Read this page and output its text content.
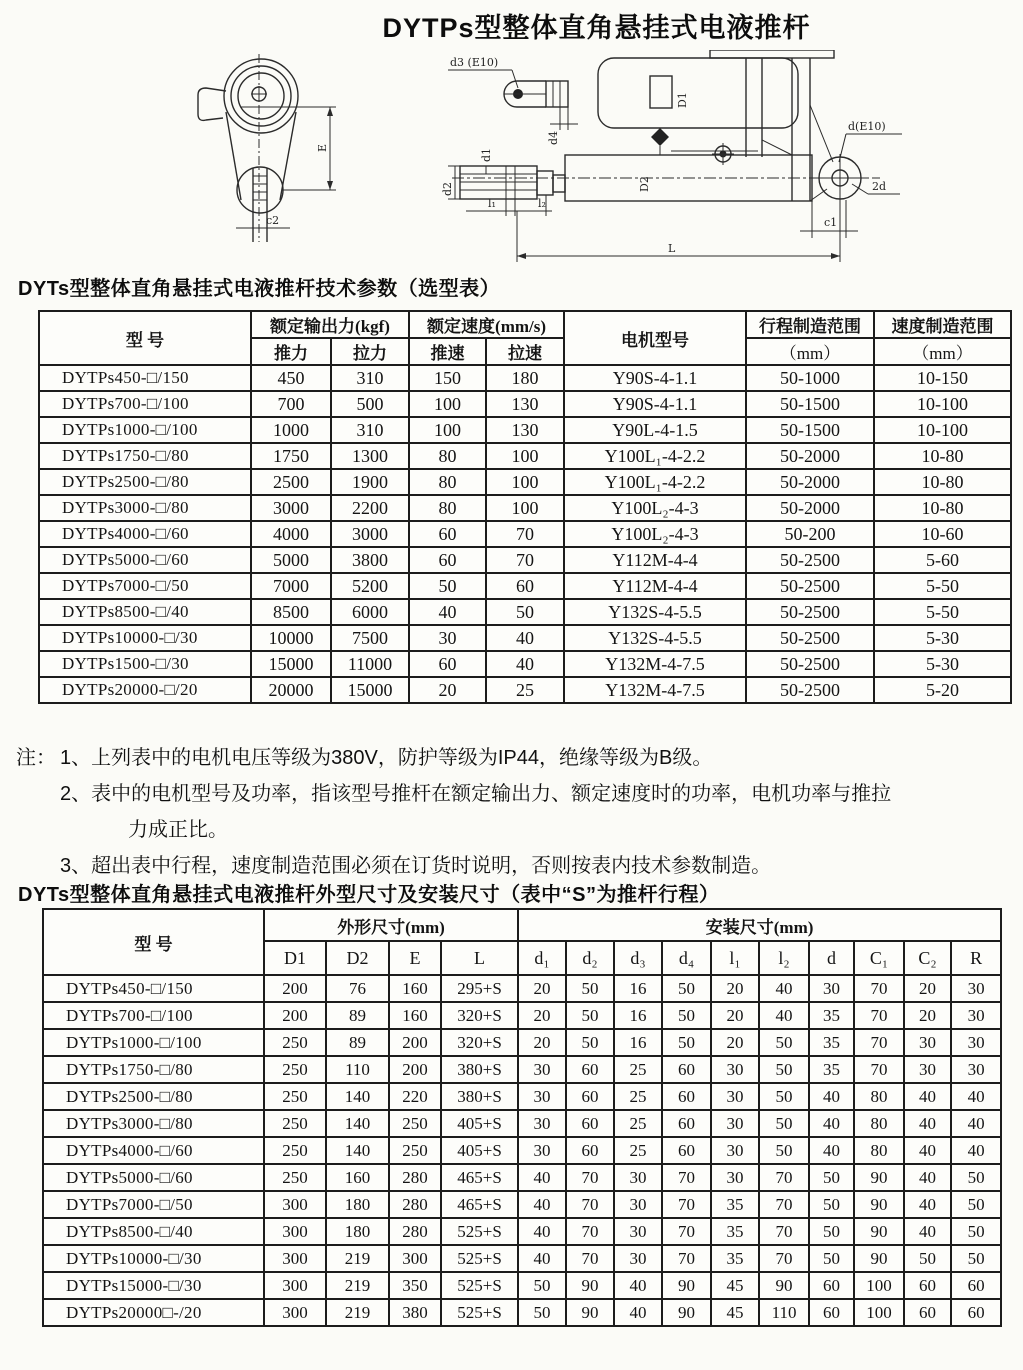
DYTPs型整体直角悬挂式电液推杆
E
c2
d3 (E10)
d4
D1
D2
d(E10)
2d
c1
d1
d2
l₁	l₂
L
DYTs型整体直角悬挂式电液推杆技术参数（选型表）
型 号	额定输出力(kgf)		额定速度(mm/s)		电机型号	行程制造范围	速度制造范围
	推力	拉力	推速	拉速		（mm）	（mm）
DYTPs450-□/150	450	310	150	180	Y90S-4-1.1	50-1000	10-150
DYTPs700-□/100	700	500	100	130	Y90S-4-1.1	50-1500	10-100
DYTPs1000-□/100	1000	310	100	130	Y90L-4-1.5	50-1500	10-100
DYTPs1750-□/80	1750	1300	80	100	Y100L₁-4-2.2	50-2000	10-80
DYTPs2500-□/80	2500	1900	80	100	Y100L₁-4-2.2	50-2000	10-80
DYTPs3000-□/80	3000	2200	80	100	Y100L₂-4-3	50-2000	10-80
DYTPs4000-□/60	4000	3000	60	70	Y100L₂-4-3	50-200	10-60
DYTPs5000-□/60	5000	3800	60	70	Y112M-4-4	50-2500	5-60
DYTPs7000-□/50	7000	5200	50	60	Y112M-4-4	50-2500	5-50
DYTPs8500-□/40	8500	6000	40	50	Y132S-4-5.5	50-2500	5-50
DYTPs10000-□/30	10000	7500	30	40	Y132S-4-5.5	50-2500	5-30
DYTPs1500-□/30	15000	11000	60	40	Y132M-4-7.5	50-2500	5-30
DYTPs20000-□/20	20000	15000	20	25	Y132M-4-7.5	50-2500	5-20
注： 1、上列表中的电机电压等级为380V，防护等级为IP44，绝缘等级为B级。
2、表中的电机型号及功率，指该型号推杆在额定输出力、额定速度时的功率，电机功率与推拉
力成正比。
3、超出表中行程，速度制造范围必须在订货时说明，否则按表内技术参数制造。
DYTs型整体直角悬挂式电液推杆外型尺寸及安装尺寸（表中“S”为推杆行程）
型 号	外形尺寸(mm)				安装尺寸(mm)									
	D1	D2	E	L	d₁	d₂	d₃	d₄	l₁	l₂	d	C₁	C₂	R
DYTPs450-□/150	200	76	160	295+S	20	50	16	50	20	40	30	70	20	30
DYTPs700-□/100	200	89	160	320+S	20	50	16	50	20	40	35	70	20	30
DYTPs1000-□/100	250	89	200	320+S	20	50	16	50	20	50	35	70	30	30
DYTPs1750-□/80	250	110	200	380+S	30	60	25	60	30	50	35	70	30	30
DYTPs2500-□/80	250	140	220	380+S	30	60	25	60	30	50	40	80	40	40
DYTPs3000-□/80	250	140	250	405+S	30	60	25	60	30	50	40	80	40	40
DYTPs4000-□/60	250	140	250	405+S	30	60	25	60	30	50	40	80	40	40
DYTPs5000-□/60	250	160	280	465+S	40	70	30	70	30	70	50	90	40	50
DYTPs7000-□/50	300	180	280	465+S	40	70	30	70	35	70	50	90	40	50
DYTPs8500-□/40	300	180	280	525+S	40	70	30	70	35	70	50	90	40	50
DYTPs10000-□/30	300	219	300	525+S	40	70	30	70	35	70	50	90	50	50
DYTPs15000-□/30	300	219	350	525+S	50	90	40	90	45	90	60	100	60	60
DYTPs20000□-/20	300	219	380	525+S	50	90	40	90	45	110	60	100	60	60
